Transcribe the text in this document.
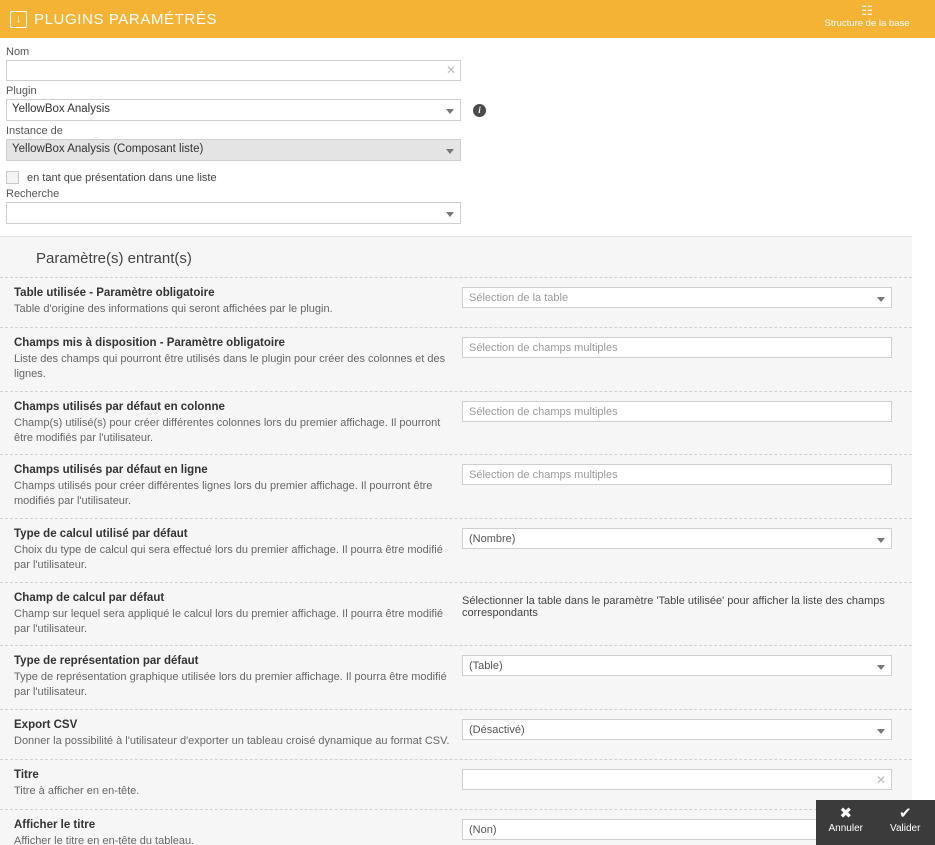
↓ PLUGINS PARAMÉTRÉS	☷
Structure de la base
Nom
✕
Plugin
YellowBox Analysis	i
Instance de
YellowBox Analysis (Composant liste)
en tant que présentation dans une liste
Recherche
Paramètre(s) entrant(s)
Table utilisée - Paramètre obligatoire
Table d'origine des informations qui seront affichées par le plugin.
Sélection de la table
Champs mis à disposition - Paramètre obligatoire
Liste des champs qui pourront être utilisés dans le plugin pour créer des colonnes et des lignes.
Sélection de champs multiples
Champs utilisés par défaut en colonne
Champ(s) utilisé(s) pour créer différentes colonnes lors du premier affichage. Il pourront être modifiés par l'utilisateur.
Sélection de champs multiples
Champs utilisés par défaut en ligne
Champs utilisés pour créer différentes lignes lors du premier affichage. Il pourront être modifiés par l'utilisateur.
Sélection de champs multiples
Type de calcul utilisé par défaut
Choix du type de calcul qui sera effectué lors du premier affichage. Il pourra être modifié par l'utilisateur.
(Nombre)
Champ de calcul par défaut
Champ sur lequel sera appliqué le calcul lors du premier affichage. Il pourra être modifié par l'utilisateur.
Sélectionner la table dans le paramètre 'Table utilisée' pour afficher la liste des champs correspondants
Type de représentation par défaut
Type de représentation graphique utilisée lors du premier affichage. Il pourra être modifié par l'utilisateur.
(Table)
Export CSV
Donner la possibilité à l'utilisateur d'exporter un tableau croisé dynamique au format CSV.
(Désactivé)
Titre
Titre à afficher en en-tête.
✕
Afficher le titre
Afficher le titre en en-tête du tableau.
(Non)
✖
Annuler
✔
Valider
